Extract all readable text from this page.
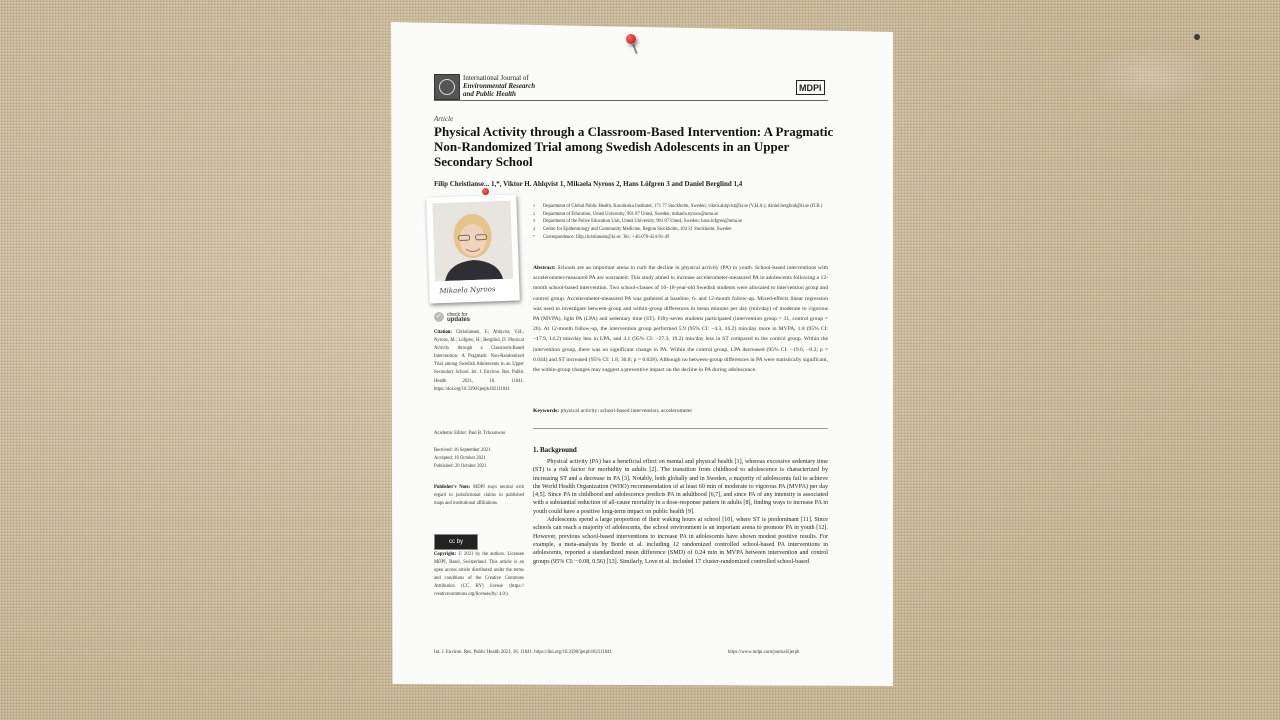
International Journal of
Environmental Research
and Public Health
MDPI
Article
Physical Activity through a Classroom-Based Intervention: A Pragmatic Non-Randomized Trial among Swedish Adolescents in an Upper Secondary School
Filip Christianse... 1,*, Viktor H. Ahlqvist 1, Mikaela Nyroos 2, Hans Löfgren 3 and Daniel Berglind 1,4
Mikaela Nyroos
✓ check for
updates
Citation: Christiansen, F.; Ahlqvist, V.H.; Nyroos, M.; Löfgren, H.; Berglind, D. Physical Activity through a Classroom-Based Intervention: A Pragmatic Non-Randomized Trial among Swedish Adolescents in an Upper Secondary School. Int. J. Environ. Res. Public Health 2021, 18, 11041. https://doi.org/10.3390/ijerph182111041
Academic Editor: Paul B. Tchounwou
Received: 16 September 2021
Accepted: 16 October 2021
Published: 20 October 2021
Publisher's Note: MDPI stays neutral with regard to jurisdictional claims in published maps and institutional affiliations.
cc by
Copyright: © 2021 by the authors. Licensee MDPI, Basel, Switzerland. This article is an open access article distributed under the terms and conditions of the Creative Commons Attribution (CC BY) license (https:// creativecommons.org/licenses/by/ 4.0/).
1 Department of Global Public Health, Karolinska Institutet, 171 77 Stockholm, Sweden; viktor.ahlqvist@ki.se (V.H.A.); daniel.berglind@ki.se (D.B.)
2 Department of Education, Umeå University, 901 87 Umeå, Sweden; mikaela.nyroos@umu.se
3 Department of the Police Education Unit, Umeå University, 901 87 Umeå, Sweden; hans.lofgren@umu.se
4 Centre for Epidemiology and Community Medicine, Region Stockholm, 104 31 Stockholm, Sweden
* Correspondence: filip.christiansen@ki.se; Tel.: +46-070-424-91-49
Abstract: Schools are an important arena to curb the decline in physical activity (PA) in youth. School-based interventions with accelerometer-measured PA are warranted. This study aimed to increase accelerometer-measured PA in adolescents following a 12-month school-based intervention. Two school-classes of 16–18-year-old Swedish students were allocated to intervention group and control group. Accelerometer-measured PA was gathered at baseline, 6- and 12-month follow-up. Mixed-effects linear regression was used to investigate between-group and within-group differences in mean minutes per day (min/day) of moderate to vigorous PA (MVPA), light PA (LPA) and sedentary time (ST). Fifty-seven students participated (intervention group = 31, control group = 26). At 12-month follow-up, the intervention group performed 5.9 (95% CI: −4.3, 16.2) min/day more in MVPA, 1.8 (95% CI: −17.9, 14.2) min/day less in LPA, and 4.1 (95% CI: −27.3, 19.2) min/day less in ST compared to the control group. Within the intervention group, there was no significant change in PA. Within the control group, LPA decreased (95% CI: −19.6, −0.2; p = 0.044) and ST increased (95% CI: 1.8, 30.8; p = 0.028). Although no between-group differences in PA were statistically significant, the within-group changes may suggest a preventive impact on the decline in PA during adolescence.
Keywords: physical activity; school-based intervention; accelerometer
1. Background

Physical activity (PA) has a beneficial effect on mental and physical health [1], whereas excessive sedentary time (ST) is a risk factor for morbidity in adults [2]. The transition from childhood to adolescence is characterized by increasing ST and a decrease in PA [3]. Notably, both globally and in Sweden, a majority of adolescents fail to achieve the World Health Organization (WHO) recommendation of at least 60 min of moderate to vigorous PA (MVPA) per day [4,5]. Since PA in childhood and adolescence predicts PA in adulthood [6,7], and since PA of any intensity is associated with a substantial reduction of all-cause mortality in a dose-response pattern in adults [8], finding ways to increase PA in youth could have a positive long-term impact on public health [9].

Adolescents spend a large proportion of their waking hours at school [10], where ST is predominant [11]. Since schools can reach a majority of adolescents, the school environment is an important arena to promote PA in youth [12]. However, previous school-based interventions to increase PA in adolescents have shown modest positive results. For example, a meta-analysis by Borde et al. including 12 randomized controlled school-based PA interventions in adolescents, reported a standardized mean difference (SMD) of 0.24 min in MVPA between intervention and control groups (95% CI: −0.08, 0.56) [13]. Similarly, Love et al. included 17 cluster-randomized controlled school-based

Int. J. Environ. Res. Public Health 2021, 18, 11041. https://doi.org/10.3390/ijerph182111041	https://www.mdpi.com/journal/ijerph
